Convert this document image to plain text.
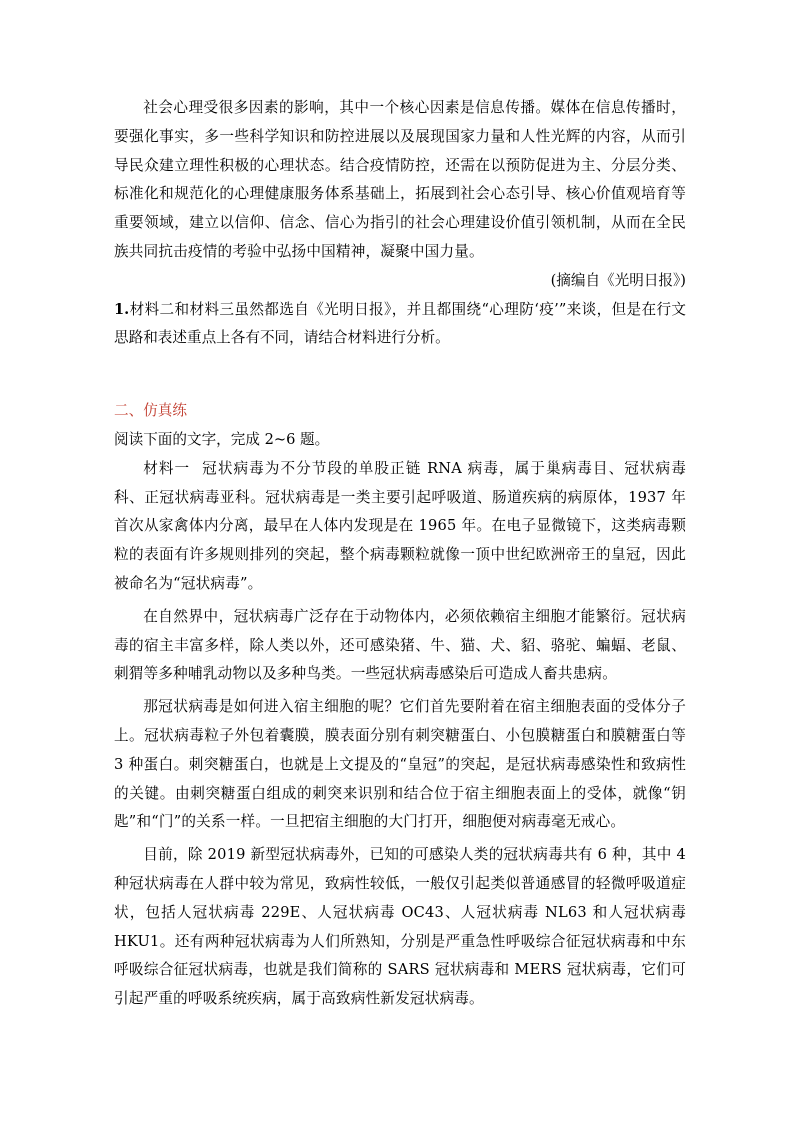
社会心理受很多因素的影响，其中一个核心因素是信息传播。媒体在信息传播时，要强化事实，多一些科学知识和防控进展以及展现国家力量和人性光辉的内容，从而引导民众建立理性积极的心理状态。结合疫情防控，还需在以预防促进为主、分层分类、标准化和规范化的心理健康服务体系基础上，拓展到社会心态引导、核心价值观培育等重要领域，建立以信仰、信念、信心为指引的社会心理建设价值引领机制，从而在全民族共同抗击疫情的考验中弘扬中国精神，凝聚中国力量。

(摘编自《光明日报》)

1.材料二和材料三虽然都选自《光明日报》，并且都围绕“心理防‘疫’”来谈，但是在行文思路和表述重点上各有不同，请结合材料进行分析。

二、仿真练

阅读下面的文字，完成 2~6 题。

材料一 冠状病毒为不分节段的单股正链 RNA 病毒，属于巢病毒目、冠状病毒科、正冠状病毒亚科。冠状病毒是一类主要引起呼吸道、肠道疾病的病原体，1937 年首次从家禽体内分离，最早在人体内发现是在 1965 年。在电子显微镜下，这类病毒颗粒的表面有许多规则排列的突起，整个病毒颗粒就像一顶中世纪欧洲帝王的皇冠，因此被命名为“冠状病毒”。

在自然界中，冠状病毒广泛存在于动物体内，必须依赖宿主细胞才能繁衍。冠状病毒的宿主丰富多样，除人类以外，还可感染猪、牛、猫、犬、貂、骆驼、蝙蝠、老鼠、刺猬等多种哺乳动物以及多种鸟类。一些冠状病毒感染后可造成人畜共患病。

那冠状病毒是如何进入宿主细胞的呢？它们首先要附着在宿主细胞表面的受体分子上。冠状病毒粒子外包着囊膜，膜表面分别有刺突糖蛋白、小包膜糖蛋白和膜糖蛋白等 3 种蛋白。刺突糖蛋白，也就是上文提及的“皇冠”的突起，是冠状病毒感染性和致病性的关键。由刺突糖蛋白组成的刺突来识别和结合位于宿主细胞表面上的受体，就像“钥匙”和“门”的关系一样。一旦把宿主细胞的大门打开，细胞便对病毒毫无戒心。

目前，除 2019 新型冠状病毒外，已知的可感染人类的冠状病毒共有 6 种，其中 4 种冠状病毒在人群中较为常见，致病性较低，一般仅引起类似普通感冒的轻微呼吸道症状，包括人冠状病毒 229E、人冠状病毒 OC43、人冠状病毒 NL63 和人冠状病毒 HKU1。还有两种冠状病毒为人们所熟知，分别是严重急性呼吸综合征冠状病毒和中东呼吸综合征冠状病毒，也就是我们简称的 SARS 冠状病毒和 MERS 冠状病毒，它们可引起严重的呼吸系统疾病，属于高致病性新发冠状病毒。
